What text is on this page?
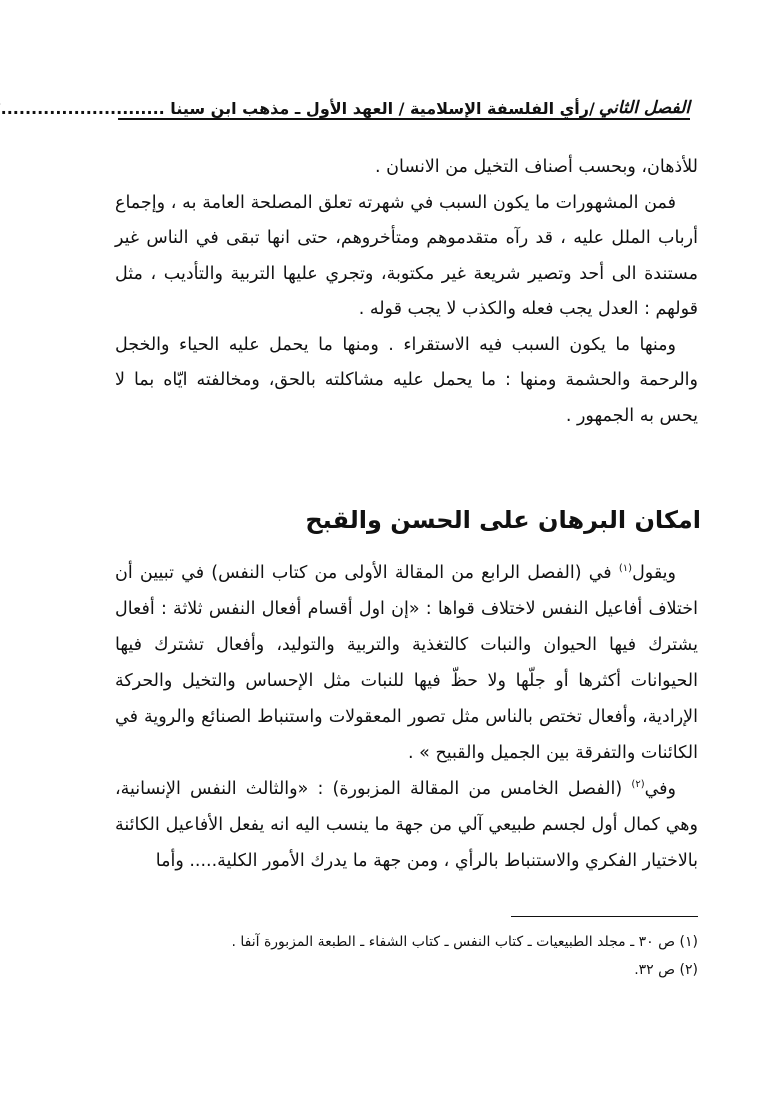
الفصل الثاني
/رأي الفلسفة الإسلامية / العهد الأول ـ مذهب ابن سينا ...........................

للأذهان، وبحسب أصناف التخيل من الانسان .

فمن المشهورات ما يكون السبب في شهرته تعلق المصلحة العامة به ، وإجماع أرباب الملل عليه ، قد رآه متقدموهم ومتأخروهم، حتى انها تبقى في الناس غير مستندة الى أحد وتصير شريعة غير مكتوبة، وتجري عليها التربية والتأديب ، مثل قولهم : العدل يجب فعله والكذب لا يجب قوله .

ومنها ما يكون السبب فيه الاستقراء . ومنها ما يحمل عليه الحياء والخجل والرحمة والحشمة ومنها : ما يحمل عليه مشاكلته بالحق، ومخالفته ايّاه بما لا يحس به الجمهور .

امكان البرهان على الحسن والقبح

ويقول$^{(١)}$ في (الفصل الرابع من المقالة الأولى من كتاب النفس) في تبيين أن اختلاف أفاعيل النفس لاختلاف قواها : «إن اول أقسام أفعال النفس ثلاثة : أفعال يشترك فيها الحيوان والنبات كالتغذية والتربية والتوليد، وأفعال تشترك فيها الحيوانات أكثرها أو جلّها ولا حظّ فيها للنبات مثل الإحساس والتخيل والحركة الإرادية، وأفعال تختص بالناس مثل تصور المعقولات واستنباط الصنائع والروية في الكائنات والتفرقة بين الجميل والقبيح » .

وفي$^{(٢)}$ (الفصل الخامس من المقالة المزبورة) : «والثالث النفس الإنسانية، وهي كمال أول لجسم طبيعي آلي من جهة ما ينسب اليه انه يفعل الأفاعيل الكائنة بالاختيار الفكري والاستنباط بالرأي ، ومن جهة ما يدرك الأمور الكلية..... وأما

(١) ص ٣٠ ـ مجلد الطبيعيات ـ كتاب النفس ـ كتاب الشفاء ـ الطبعة المزبورة آنفا .
(٢) ص ٣٢.
